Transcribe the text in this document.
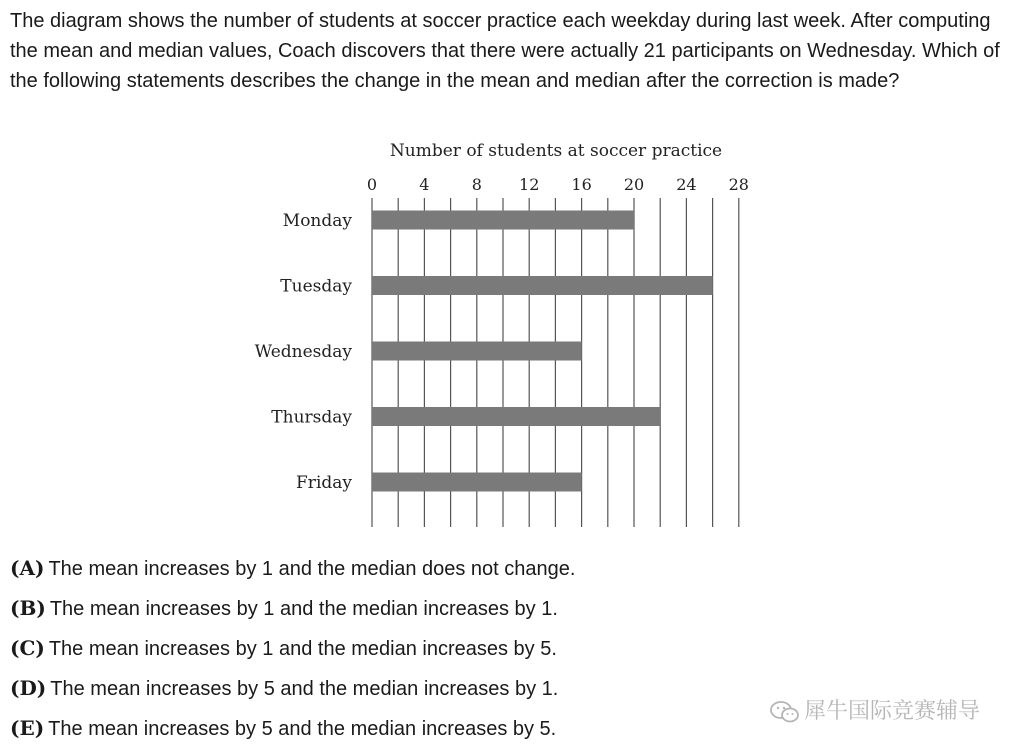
The diagram shows the number of students at soccer practice each weekday during last week. After computing the mean and median values, Coach discovers that there were actually 21 participants on Wednesday. Which of the following statements describes the change in the mean and median after the correction is made?

Number of students at soccer practice
0	4	8 12 16 20 24 28
Monday
Tuesday
Wednesday
Thursday
Friday
(A) The mean increases by 1 and the median does not change.
(B) The mean increases by 1 and the median increases by 1.
(C) The mean increases by 1 and the median increases by 5.
(D) The mean increases by 5 and the median increases by 1.
(E) The mean increases by 5 and the median increases by 5.
犀牛国际竞赛辅导
